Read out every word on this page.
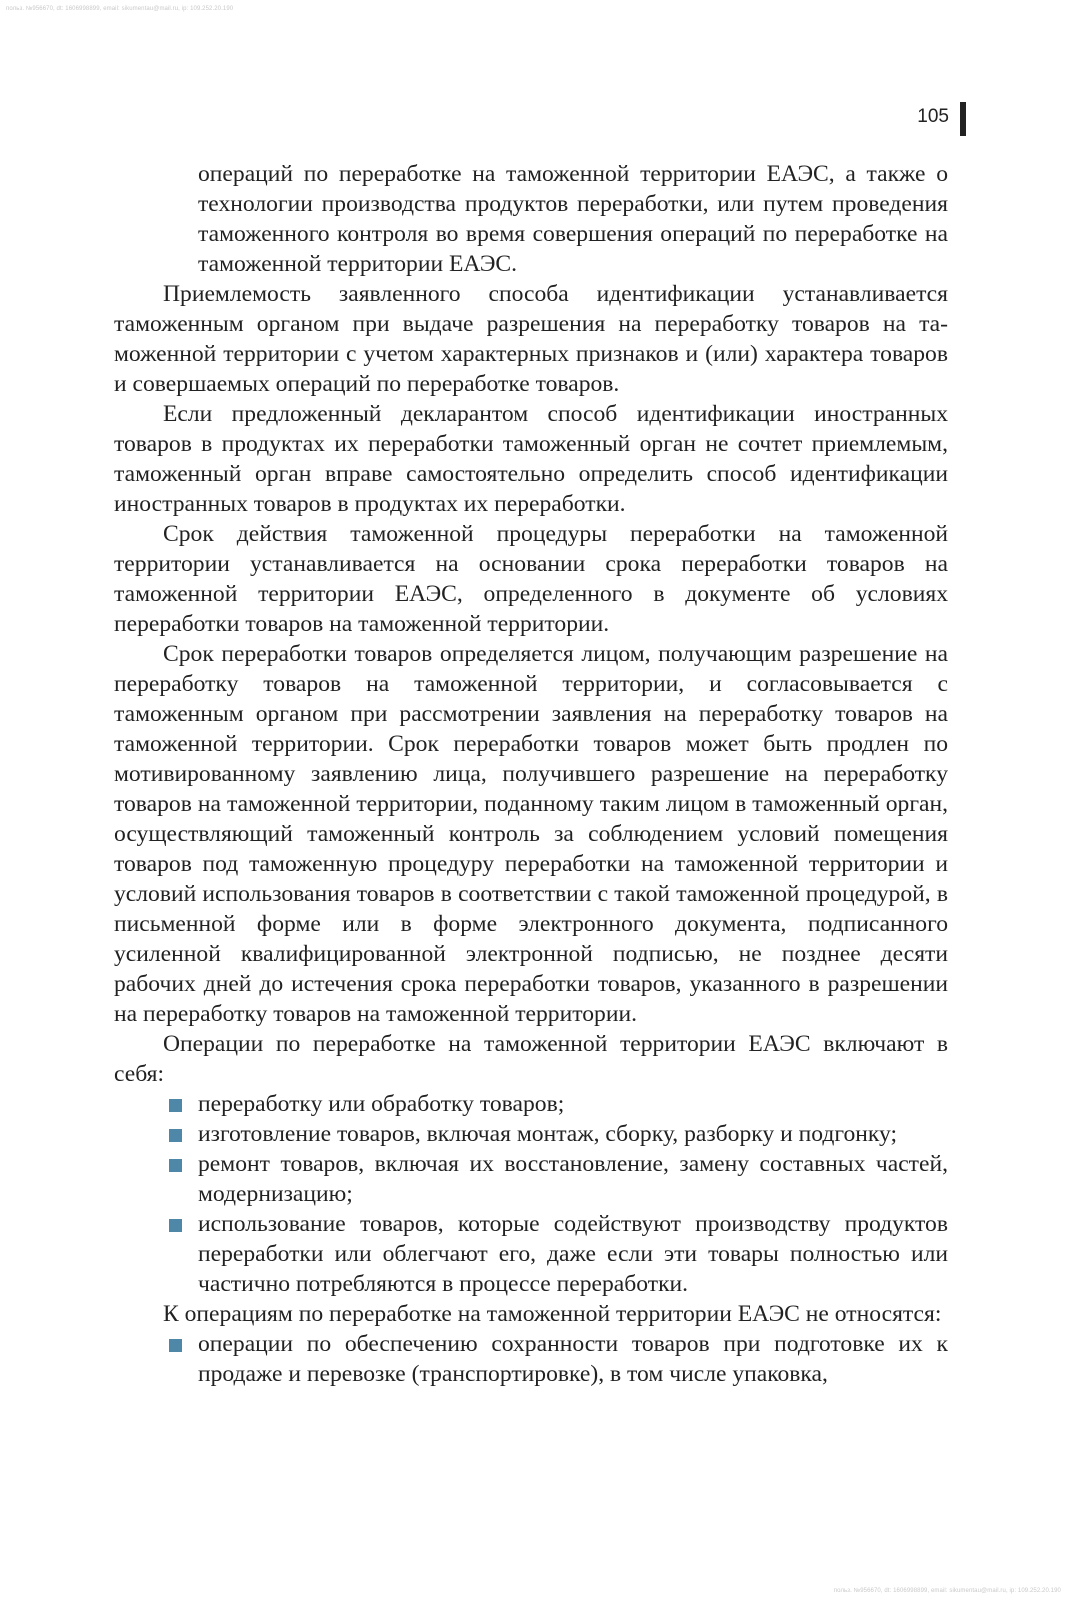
польз. №956670, dt: 1606998899, email: sikumentau@mail.ru, ip: 109.252.20.190
105

операций по переработке на таможенной территории ЕАЭС, а также о технологии производства продуктов переработки, или путем проведения таможенного контроля во время совершения операций по переработке на таможенной территории ЕАЭС.

Приемлемость заявленного способа идентификации устанавливается таможенным органом при выдаче разрешения на переработку товаров на таможенной территории с учетом характерных признаков и (или) характера товаров и совершаемых операций по переработке товаров.

Если предложенный декларантом способ идентификации иностранных товаров в продуктах их переработки таможенный орган не сочтет приемлемым, таможенный орган вправе самостоятельно определить способ идентификации иностранных товаров в продуктах их переработки.

Срок действия таможенной процедуры переработки на таможенной территории устанавливается на основании срока переработки товаров на таможенной территории ЕАЭС, определенного в документе об условиях переработки товаров на таможенной территории.

Срок переработки товаров определяется лицом, получающим разрешение на переработку товаров на таможенной территории, и согласовывается с таможенным органом при рассмотрении заявления на переработку товаров на таможенной территории. Срок переработки товаров может быть продлен по мотивированному заявлению лица, получившего разрешение на переработку товаров на таможенной территории, поданному таким лицом в таможенный орган, осуществляющий таможенный контроль за соблюдением условий помещения товаров под таможенную процедуру переработки на таможенной территории и условий использования товаров в соответствии с такой таможенной процедурой, в письменной форме или в форме электронного документа, подписанного усиленной квалифицированной электронной подписью, не позднее десяти рабочих дней до истечения срока переработки товаров, указанного в разрешении на переработку товаров на таможенной территории.

Операции по переработке на таможенной территории ЕАЭС включают в себя:

переработку или обработку товаров;
изготовление товаров, включая монтаж, сборку, разборку и подгонку;
ремонт товаров, включая их восстановление, замену составных частей, модернизацию;
использование товаров, которые содействуют производству продуктов переработки или облегчают его, даже если эти товары полностью или частично потребляются в процессе переработки.

К операциям по переработке на таможенной территории ЕАЭС не относятся:

операции по обеспечению сохранности товаров при подготовке их к продаже и перевозке (транспортировке), в том числе упаковка,
польз. №956670, dt: 1606998899, email: sikumentau@mail.ru, ip: 109.252.20.190
